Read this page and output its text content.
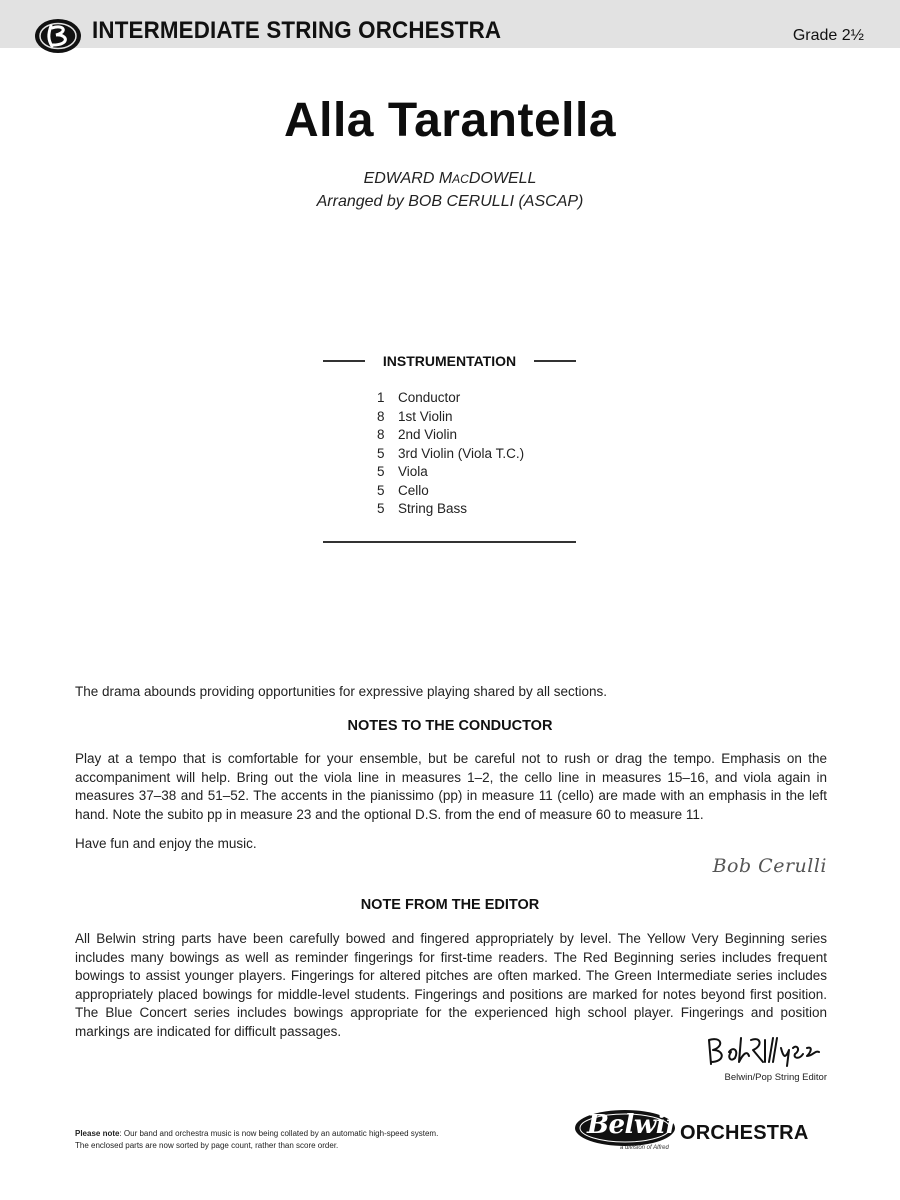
INTERMEDIATE STRING ORCHESTRA	Grade 2½
Alla Tarantella
EDWARD MACDOWELL
Arranged by BOB CERULLI (ASCAP)
INSTRUMENTATION
1 Conductor
8 1st Violin
8 2nd Violin
5 3rd Violin (Viola T.C.)
5 Viola
5 Cello
5 String Bass
The drama abounds providing opportunities for expressive playing shared by all sections.
NOTES TO THE CONDUCTOR
Play at a tempo that is comfortable for your ensemble, but be careful not to rush or drag the tempo. Emphasis on the accompaniment will help. Bring out the viola line in measures 1–2, the cello line in measures 15–16, and viola again in measures 37–38 and 51–52. The accents in the pianissimo (pp) in measure 11 (cello) are made with an emphasis in the left hand. Note the subito pp in measure 23 and the optional D.S. from the end of measure 60 to measure 11.
Have fun and enjoy the music.
Bob Cerulli
NOTE FROM THE EDITOR
All Belwin string parts have been carefully bowed and fingered appropriately by level. The Yellow Very Beginning series includes many bowings as well as reminder fingerings for first-time readers. The Red Beginning series includes frequent bowings to assist younger players. Fingerings for altered pitches are often marked. The Green Intermediate series includes appropriately placed bowings for middle-level students. Fingerings and positions are marked for notes beyond first position. The Blue Concert series includes bowings appropriate for the experienced high school player. Fingerings and position markings are indicated for difficult passages.
Belwin/Pop String Editor
Please note: Our band and orchestra music is now being collated by an automatic high-speed system.
The enclosed parts are now sorted by page count, rather than score order.
Belwin
ORCHESTRA
a division of Alfred
